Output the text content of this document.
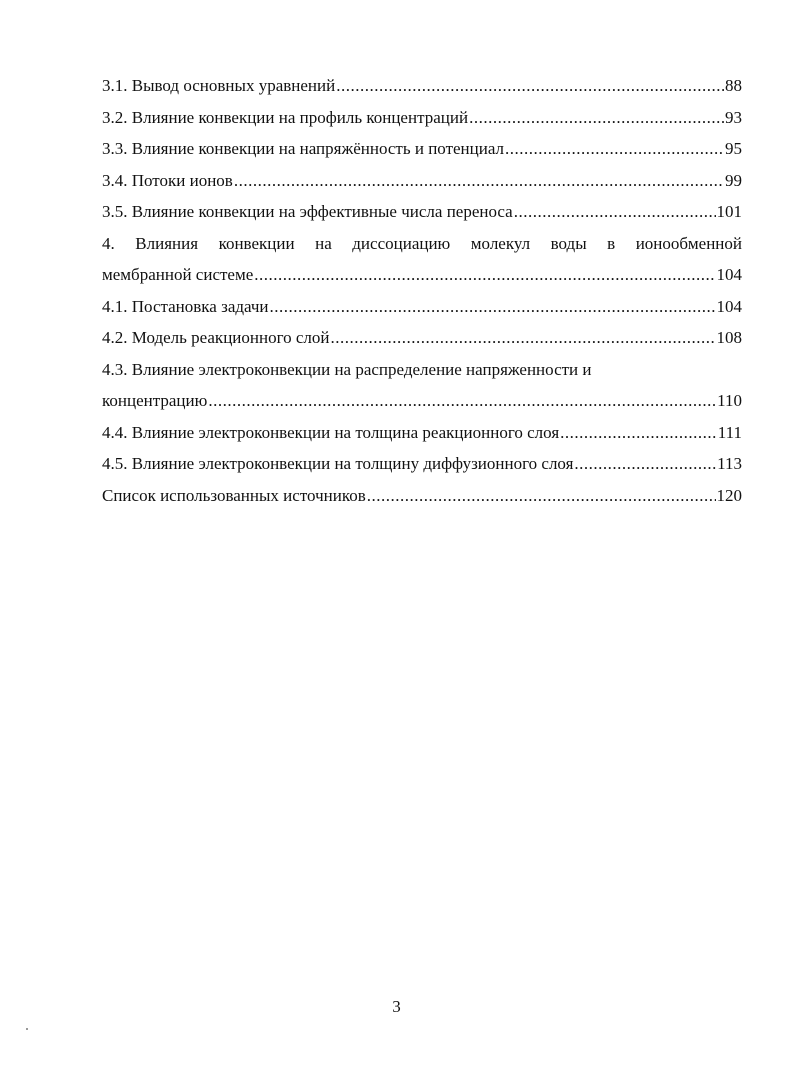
3.1. Вывод основных уравнений .....	88
3.2. Влияние конвекции на профиль концентраций .....	93
3.3. Влияние конвекции на напряжённость и потенциал .....	95
3.4. Потоки ионов .....	99
3.5. Влияние конвекции на эффективные числа переноса .....	101
4. Влияния конвекции на диссоциацию молекул воды в ионообменной
мембранной системе .....	104
4.1. Постановка задачи .....	104
4.2. Модель реакционного слой .....	108
4.3. Влияние электроконвекции на распределение напряженности и
концентрацию .....	110
4.4. Влияние электроконвекции на толщина реакционного слоя .....	111
4.5. Влияние электроконвекции на толщину диффузионного слоя .....	113
Список использованных источников .....	120
3
